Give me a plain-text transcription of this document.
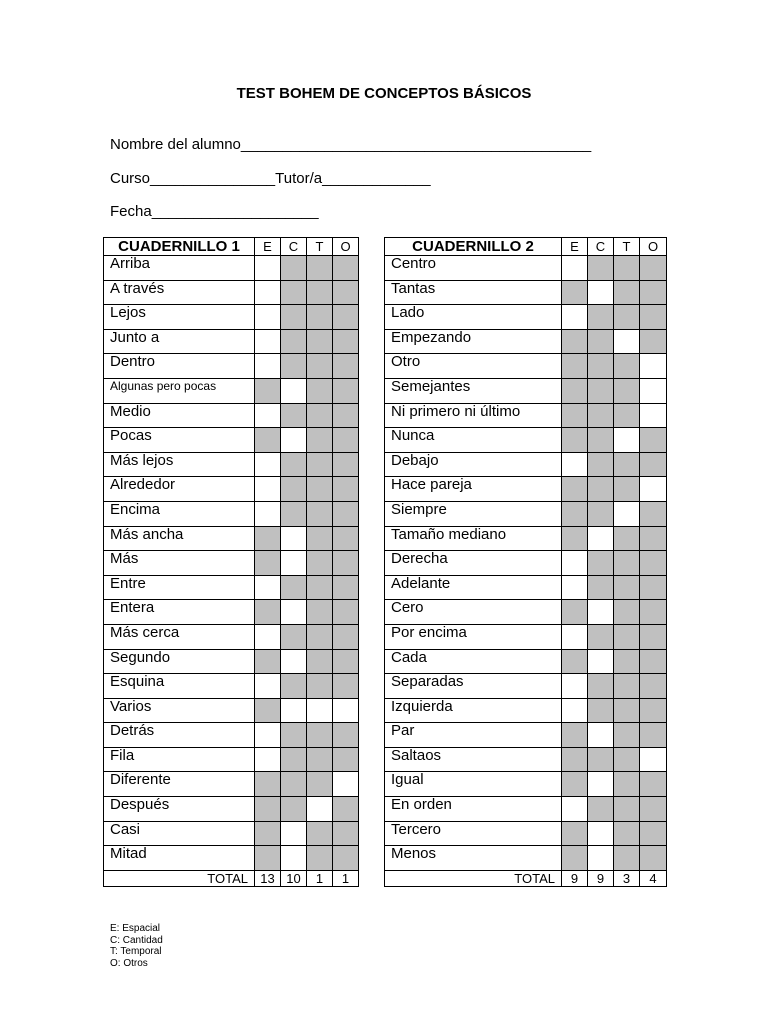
TEST BOHEM DE CONCEPTOS BÁSICOS
Nombre del alumno__________________________________________
Curso_______________Tutor/a_____________
Fecha____________________
CUADERNILLO 1	E	C	T	O
Arriba				
A través				
Lejos				
Junto a				
Dentro				
Algunas pero pocas				
Medio				
Pocas				
Más lejos				
Alrededor				
Encima				
Más ancha				
Más				
Entre				
Entera				
Más cerca				
Segundo				
Esquina				
Varios				
Detrás				
Fila				
Diferente				
Después				
Casi				
Mitad				
TOTAL	13	10	1	1
CUADERNILLO 2	E	C	T	O
Centro				
Tantas				
Lado				
Empezando				
Otro				
Semejantes				
Ni primero ni último				
Nunca				
Debajo				
Hace pareja				
Siempre				
Tamaño mediano				
Derecha				
Adelante				
Cero				
Por encima				
Cada				
Separadas				
Izquierda				
Par				
Saltaos				
Igual				
En orden				
Tercero				
Menos				
TOTAL	9	9	3	4
E: Espacial
C: Cantidad
T: Temporal
O: Otros
